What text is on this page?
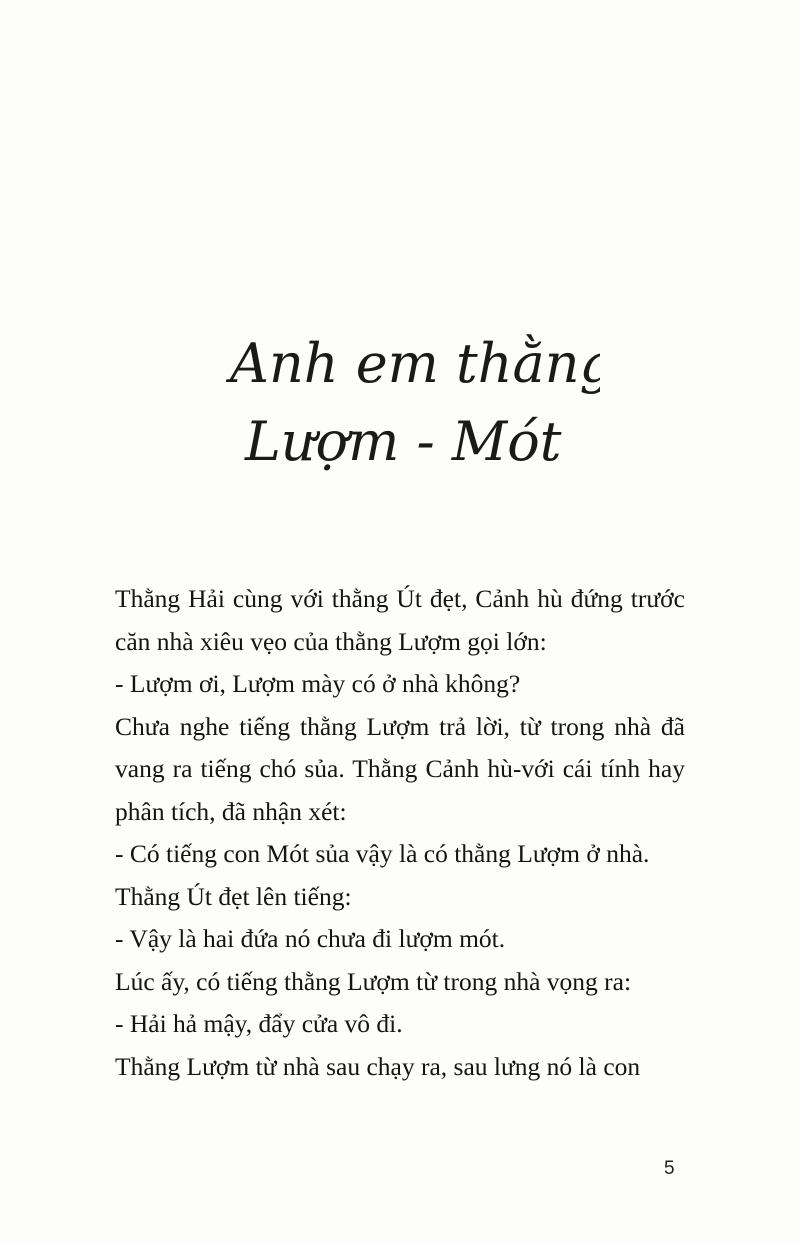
Anh em thằng
Lượm - Mót

Thằng Hải cùng với thằng Út đẹt, Cảnh hù đứng trước căn nhà xiêu vẹo của thằng Lượm gọi lớn:

- Lượm ơi, Lượm mày có ở nhà không?

Chưa nghe tiếng thằng Lượm trả lời, từ trong nhà đã vang ra tiếng chó sủa. Thằng Cảnh hù-với cái tính hay phân tích, đã nhận xét:

- Có tiếng con Mót sủa vậy là có thằng Lượm ở nhà.

Thằng Út đẹt lên tiếng:

- Vậy là hai đứa nó chưa đi lượm mót.

Lúc ấy, có tiếng thằng Lượm từ trong nhà vọng ra:

- Hải hả mậy, đẩy cửa vô đi.

Thằng Lượm từ nhà sau chạy ra, sau lưng nó là con

5
